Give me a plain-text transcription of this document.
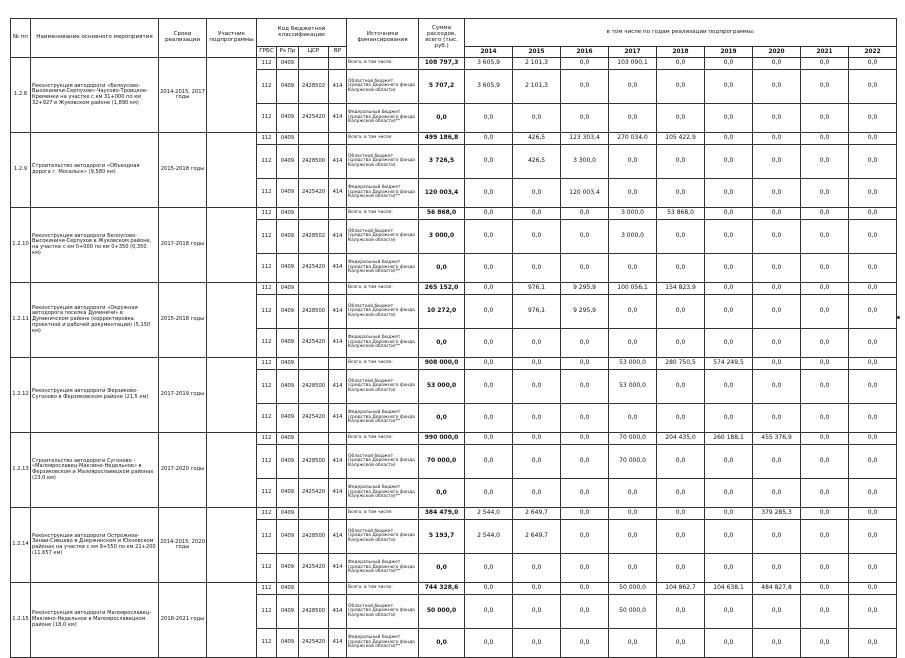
№ пп	Наименование основного мероприятия	Сроки реализации	Участник подпрограммы	Код бюджетной классификации				Источники финансирования	Сумма расходов, всего (тыс. руб.)	в том числе по годам реализации подпрограммы:								
				ГРБС	Рз Пр	ЦСР	ВР			2014	2015	2016	2017	2018	2019	2020	2021	2022
1.2.8	Реконструкция автодороги «Белоусово-Высокиничи-Серпухов»-Чаусово-Троицкое-Кременки на участке с км 31+000 по км 32+927 в Жуковском районе (1,890 км)	2014-2015, 2017 годы		112	0409			Всего, в том числе:	108 797,3	3 605,9	2 101,3	0,0	103 090,1	0,0	0,0	0,0	0,0	0,0
				112	0409	2428502	414	Областной бюджет (средства Дорожного фонда Калужской области)	5 707,2	3 605,9	2 101,3	0,0	0,0	0,0	0,0	0,0	0,0	0,0
				112	0409	2425420	414	Федеральный бюджет (средства Дорожного фонда Калужской области)**	0,0	0,0	0,0	0,0	0,0	0,0	0,0	0,0	0,0	0,0
1.2.9	Строительство автодороги «Объездная дорога г. Мосальск» (9,580 км)	2015-2018 годы		112	0409			Всего, в том числе:	499 186,8	0,0	426,5	123 303,4	270 034,0	105 422,9	0,0	0,0	0,0	0,0
				112	0409	2428500	414	Областной бюджет (средства Дорожного фонда Калужской области)	3 726,5	0,0	426,5	3 300,0	0,0	0,0	0,0	0,0	0,0	0,0
				112	0409	2425420	414	Федеральный бюджет (средства Дорожного фонда Калужской области)**	120 003,4	0,0	0,0	120 003,4	0,0	0,0	0,0	0,0	0,0	0,0
1.2.10	Реконструкция автодороги Белоусово-Высокиничи-Серпухов в Жуковском районе, на участке с км 0+000 по км 0+350 (0,350 км)	2017-2018 годы		112	0409			Всего, в том числе:	56 868,0	0,0	0,0	0,0	3 000,0	53 868,0	0,0	0,0	0,0	0,0
				112	0409	2428502	414	Областной бюджет (средства Дорожного фонда Калужской области)	3 000,0	0,0	0,0	0,0	3 000,0	0,0	0,0	0,0	0,0	0,0
				112	0409	2425420	414	Федеральный бюджет (средства Дорожного фонда Калужской области)**	0,0	0,0	0,0	0,0	0,0	0,0	0,0	0,0	0,0	0,0
1.2.11	Реконструкция автодороги «Окружная автодорога поселка Думиничи» в Думиничском районе (корректировка проектной и рабочей документации) (5,150 км)	2015-2018 годы		112	0409			Всего, в том числе:	265 152,0	0,0	976,1	9 295,9	100 056,1	154 823,9	0,0	0,0	0,0	0,0
				112	0409	2428500	414	Областной бюджет (средства Дорожного фонда Калужской области)	10 272,0	0,0	976,1	9 295,9	0,0	0,0	0,0	0,0	0,0	0,0
				112	0409	2425420	414	Федеральный бюджет (средства Дорожного фонда Калужской области)**	0,0	0,0	0,0	0,0	0,0	0,0	0,0	0,0	0,0	0,0
1.2.12	Реконструкция автодороги Ферзиково-Сугоново в Ферзиковском районе (21,5 км)	2017-2019 годы		112	0409			Всего, в том числе:	908 000,0	0,0	0,0	0,0	53 000,0	280 750,5	574 249,5	0,0	0,0	0,0
				112	0409	2428500	414	Областной бюджет (средства Дорожного фонда Калужской области)	53 000,0	0,0	0,0	0,0	53 000,0	0,0	0,0	0,0	0,0	0,0
				112	0409	2425420	414	Федеральный бюджет (средства Дорожного фонда Калужской области)**	0,0	0,0	0,0	0,0	0,0	0,0	0,0	0,0	0,0	0,0
1.2.13	Строительство автодороги Сугоново - «Малоярославец-Маклино-Недельное» в Ферзиковском и Малоярославецком районах (23,0 км)	2017-2020 годы		112	0409			Всего, в том числе:	990 000,0	0,0	0,0	0,0	70 000,0	204 435,0	260 188,1	455 376,9	0,0	0,0
				112	0409	2428500	414	Областной бюджет (средства Дорожного фонда Калужской области)	70 000,0	0,0	0,0	0,0	70 000,0	0,0	0,0	0,0	0,0	0,0
				112	0409	2425420	414	Федеральный бюджет (средства Дорожного фонда Калужской области)**	0,0	0,0	0,0	0,0	0,0	0,0	0,0	0,0	0,0	0,0
1.2.14	Реконструкция автодороги Острожное-Зинаи-Сивцево в Дзержинском и Юхновском районах на участке с км 9+550 по км 21+200 (11,657 км)	2014-2015, 2020 годы		112	0409			Всего, в том числе:	384 479,0	2 544,0	2 649,7	0,0	0,0	0,0	0,0	379 285,3	0,0	0,0
				112	0409	2428500	414	Областной бюджет (средства Дорожного фонда Калужской области)	5 193,7	2 544,0	2 649,7	0,0	0,0	0,0	0,0	0,0	0,0	0,0
				112	0409	2425420	414	Федеральный бюджет (средства Дорожного фонда Калужской области)**	0,0	0,0	0,0	0,0	0,0	0,0	0,0	0,0	0,0	0,0
1.2.15	Реконструкция автодороги Малоярославец-Маклино-Недельное в Малоярославецком районе (18,0 км)	2018-2021 годы		112	0409			Всего, в том числе:	744 328,6	0,0	0,0	0,0	50 000,0	104 862,7	104 638,1	484 827,8	0,0	0,0
				112	0409	2428500	414	Областной бюджет (средства Дорожного фонда Калужской области)	50 000,0	0,0	0,0	0,0	50 000,0	0,0	0,0	0,0	0,0	0,0
				112	0409	2425420	414	Федеральный бюджет (средства Дорожного фонда Калужской области)**	0,0	0,0	0,0	0,0	0,0	0,0	0,0	0,0	0,0	0,0
